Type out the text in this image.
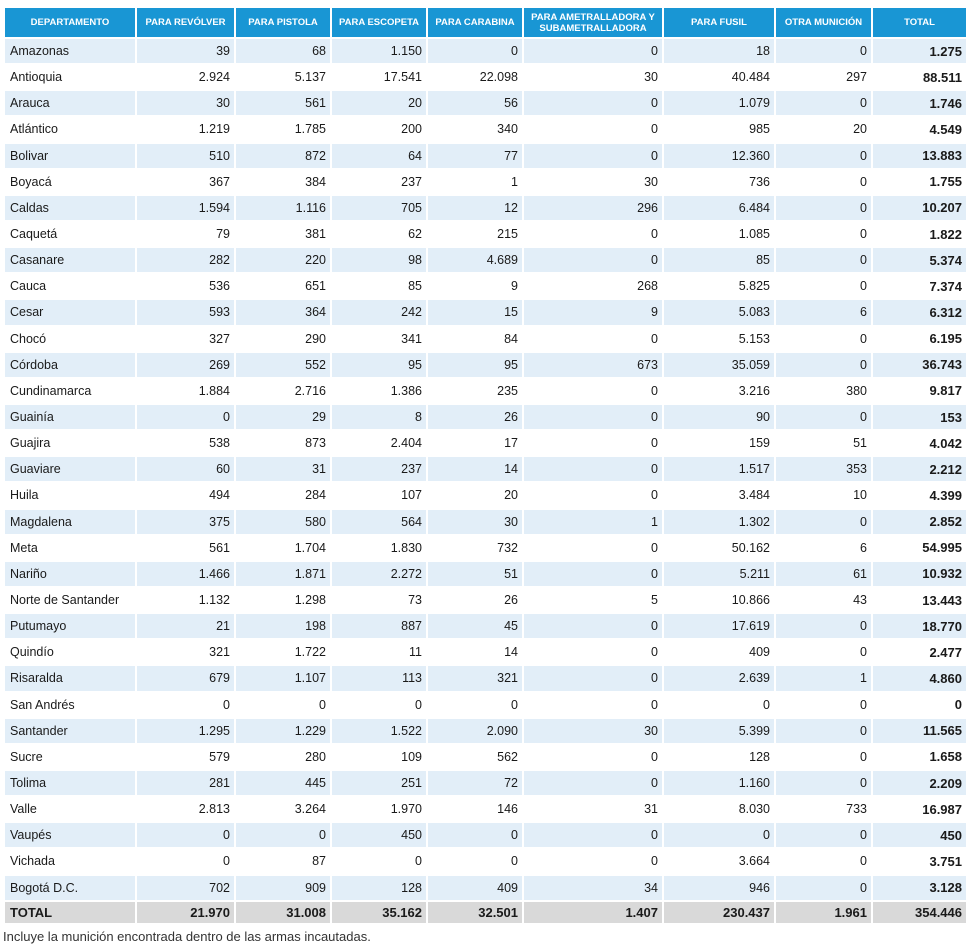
DEPARTAMENTO	PARA REVÓLVER	PARA PISTOLA	PARA ESCOPETA	PARA CARABINA	PARA AMETRALLADORA Y SUBAMETRALLADORA	PARA FUSIL	OTRA MUNICIÓN	TOTAL
Amazonas	39	68	1.150	0	0	18	0	1.275
Antioquia	2.924	5.137	17.541	22.098	30	40.484	297	88.511
Arauca	30	561	20	56	0	1.079	0	1.746
Atlántico	1.219	1.785	200	340	0	985	20	4.549
Bolivar	510	872	64	77	0	12.360	0	13.883
Boyacá	367	384	237	1	30	736	0	1.755
Caldas	1.594	1.116	705	12	296	6.484	0	10.207
Caquetá	79	381	62	215	0	1.085	0	1.822
Casanare	282	220	98	4.689	0	85	0	5.374
Cauca	536	651	85	9	268	5.825	0	7.374
Cesar	593	364	242	15	9	5.083	6	6.312
Chocó	327	290	341	84	0	5.153	0	6.195
Córdoba	269	552	95	95	673	35.059	0	36.743
Cundinamarca	1.884	2.716	1.386	235	0	3.216	380	9.817
Guainía	0	29	8	26	0	90	0	153
Guajira	538	873	2.404	17	0	159	51	4.042
Guaviare	60	31	237	14	0	1.517	353	2.212
Huila	494	284	107	20	0	3.484	10	4.399
Magdalena	375	580	564	30	1	1.302	0	2.852
Meta	561	1.704	1.830	732	0	50.162	6	54.995
Nariño	1.466	1.871	2.272	51	0	5.211	61	10.932
Norte de Santander	1.132	1.298	73	26	5	10.866	43	13.443
Putumayo	21	198	887	45	0	17.619	0	18.770
Quindío	321	1.722	11	14	0	409	0	2.477
Risaralda	679	1.107	113	321	0	2.639	1	4.860
San Andrés	0	0	0	0	0	0	0	0
Santander	1.295	1.229	1.522	2.090	30	5.399	0	11.565
Sucre	579	280	109	562	0	128	0	1.658
Tolima	281	445	251	72	0	1.160	0	2.209
Valle	2.813	3.264	1.970	146	31	8.030	733	16.987
Vaupés	0	0	450	0	0	0	0	450
Vichada	0	87	0	0	0	3.664	0	3.751
Bogotá D.C.	702	909	128	409	34	946	0	3.128
TOTAL	21.970	31.008	35.162	32.501	1.407	230.437	1.961	354.446
Incluye la munición encontrada dentro de las armas incautadas.
